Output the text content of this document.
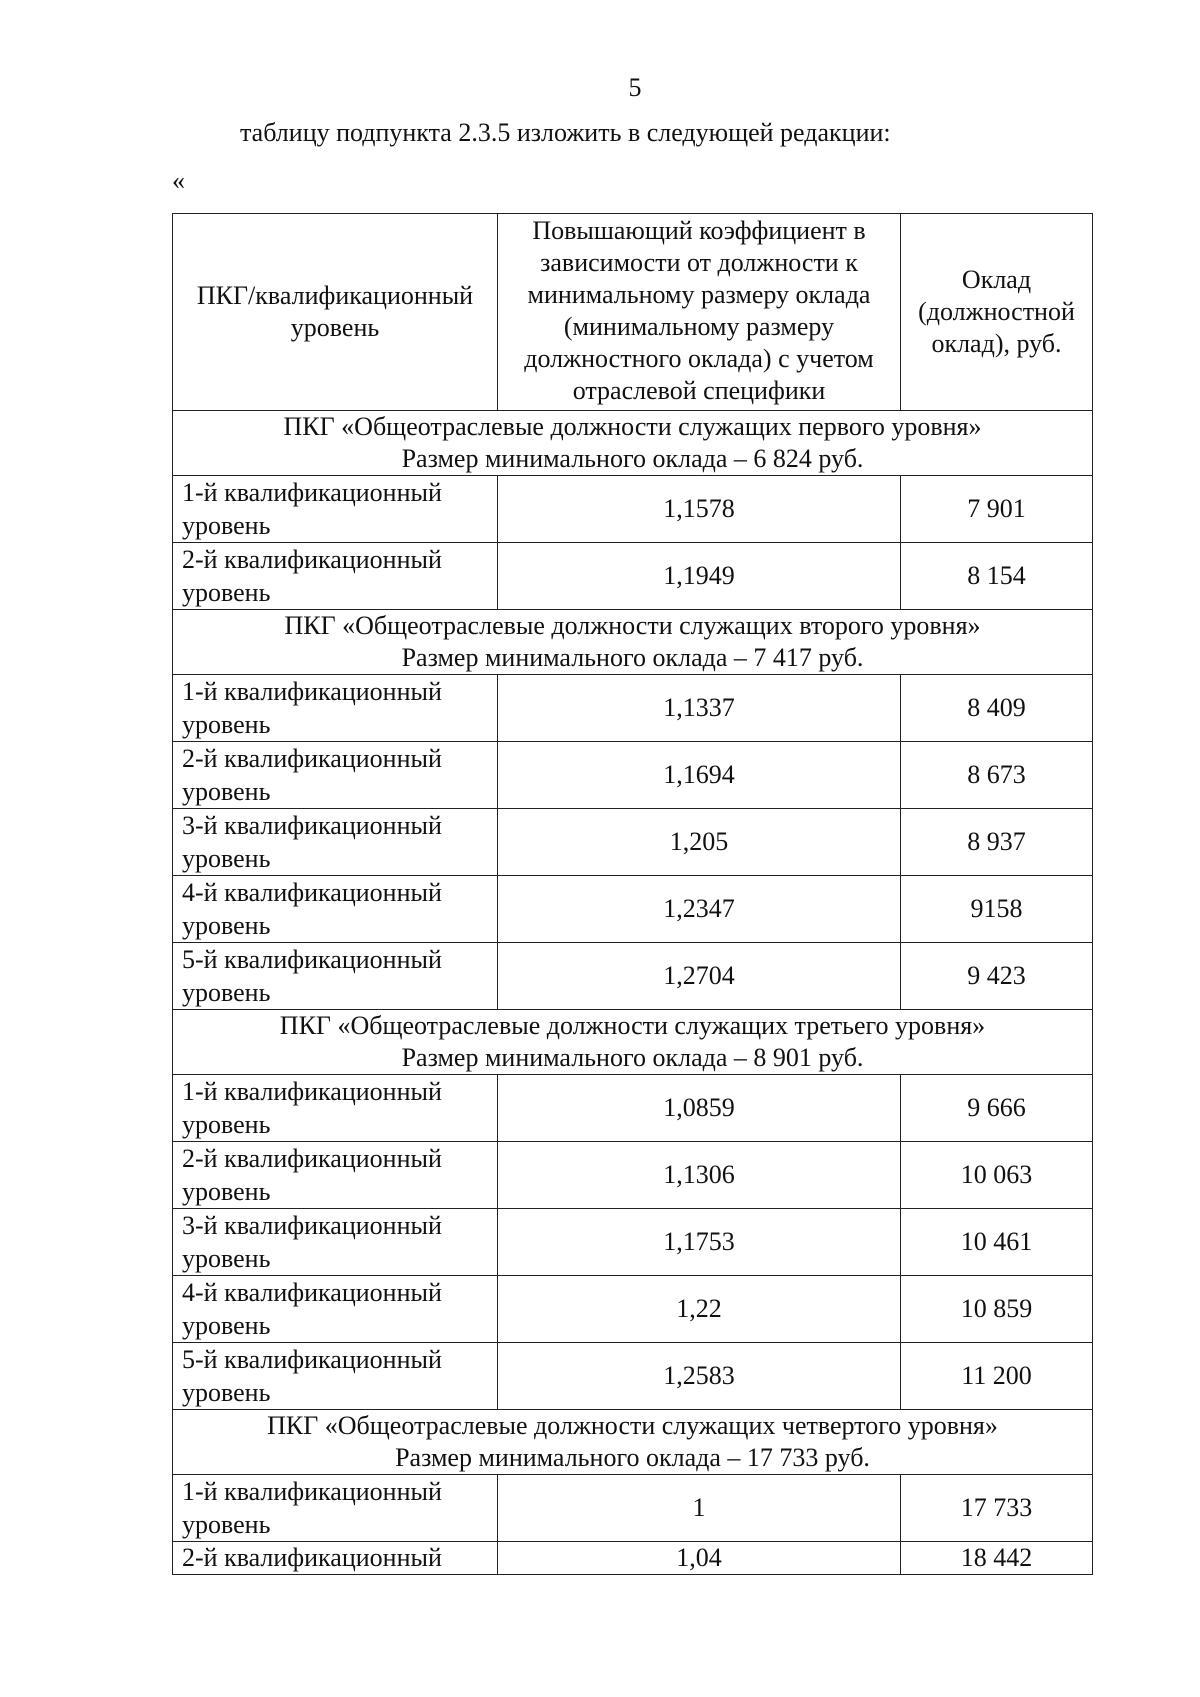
5
таблицу подпункта 2.3.5 изложить в следующей редакции:
«
ПКГ/квалификационный уровень	Повышающий коэффициент в зависимости от должности к минимальному размеру оклада (минимальному размеру должностного оклада) с учетом отраслевой специфики	Оклад (должностной оклад), руб.

ПКГ «Общеотраслевые должности служащих первого уровня»
Размер минимального оклада – 6 824 руб.		

1-й квалификационный уровень	1,1578	7 901
2-й квалификационный уровень	1,1949	8 154

ПКГ «Общеотраслевые должности служащих второго уровня»
Размер минимального оклада – 7 417 руб.		

1-й квалификационный уровень	1,1337	8 409
2-й квалификационный уровень	1,1694	8 673
3-й квалификационный уровень	1,205	8 937
4-й квалификационный уровень	1,2347	9158
5-й квалификационный уровень	1,2704	9 423

ПКГ «Общеотраслевые должности служащих третьего уровня»
Размер минимального оклада – 8 901 руб.		

1-й квалификационный уровень	1,0859	9 666
2-й квалификационный уровень	1,1306	10 063
3-й квалификационный уровень	1,1753	10 461
4-й квалификационный уровень	1,22	10 859
5-й квалификационный уровень	1,2583	11 200

ПКГ «Общеотраслевые должности служащих четвертого уровня»
Размер минимального оклада – 17 733 руб.		

1-й квалификационный уровень	1	17 733
2-й квалификационный	1,04	18 442
